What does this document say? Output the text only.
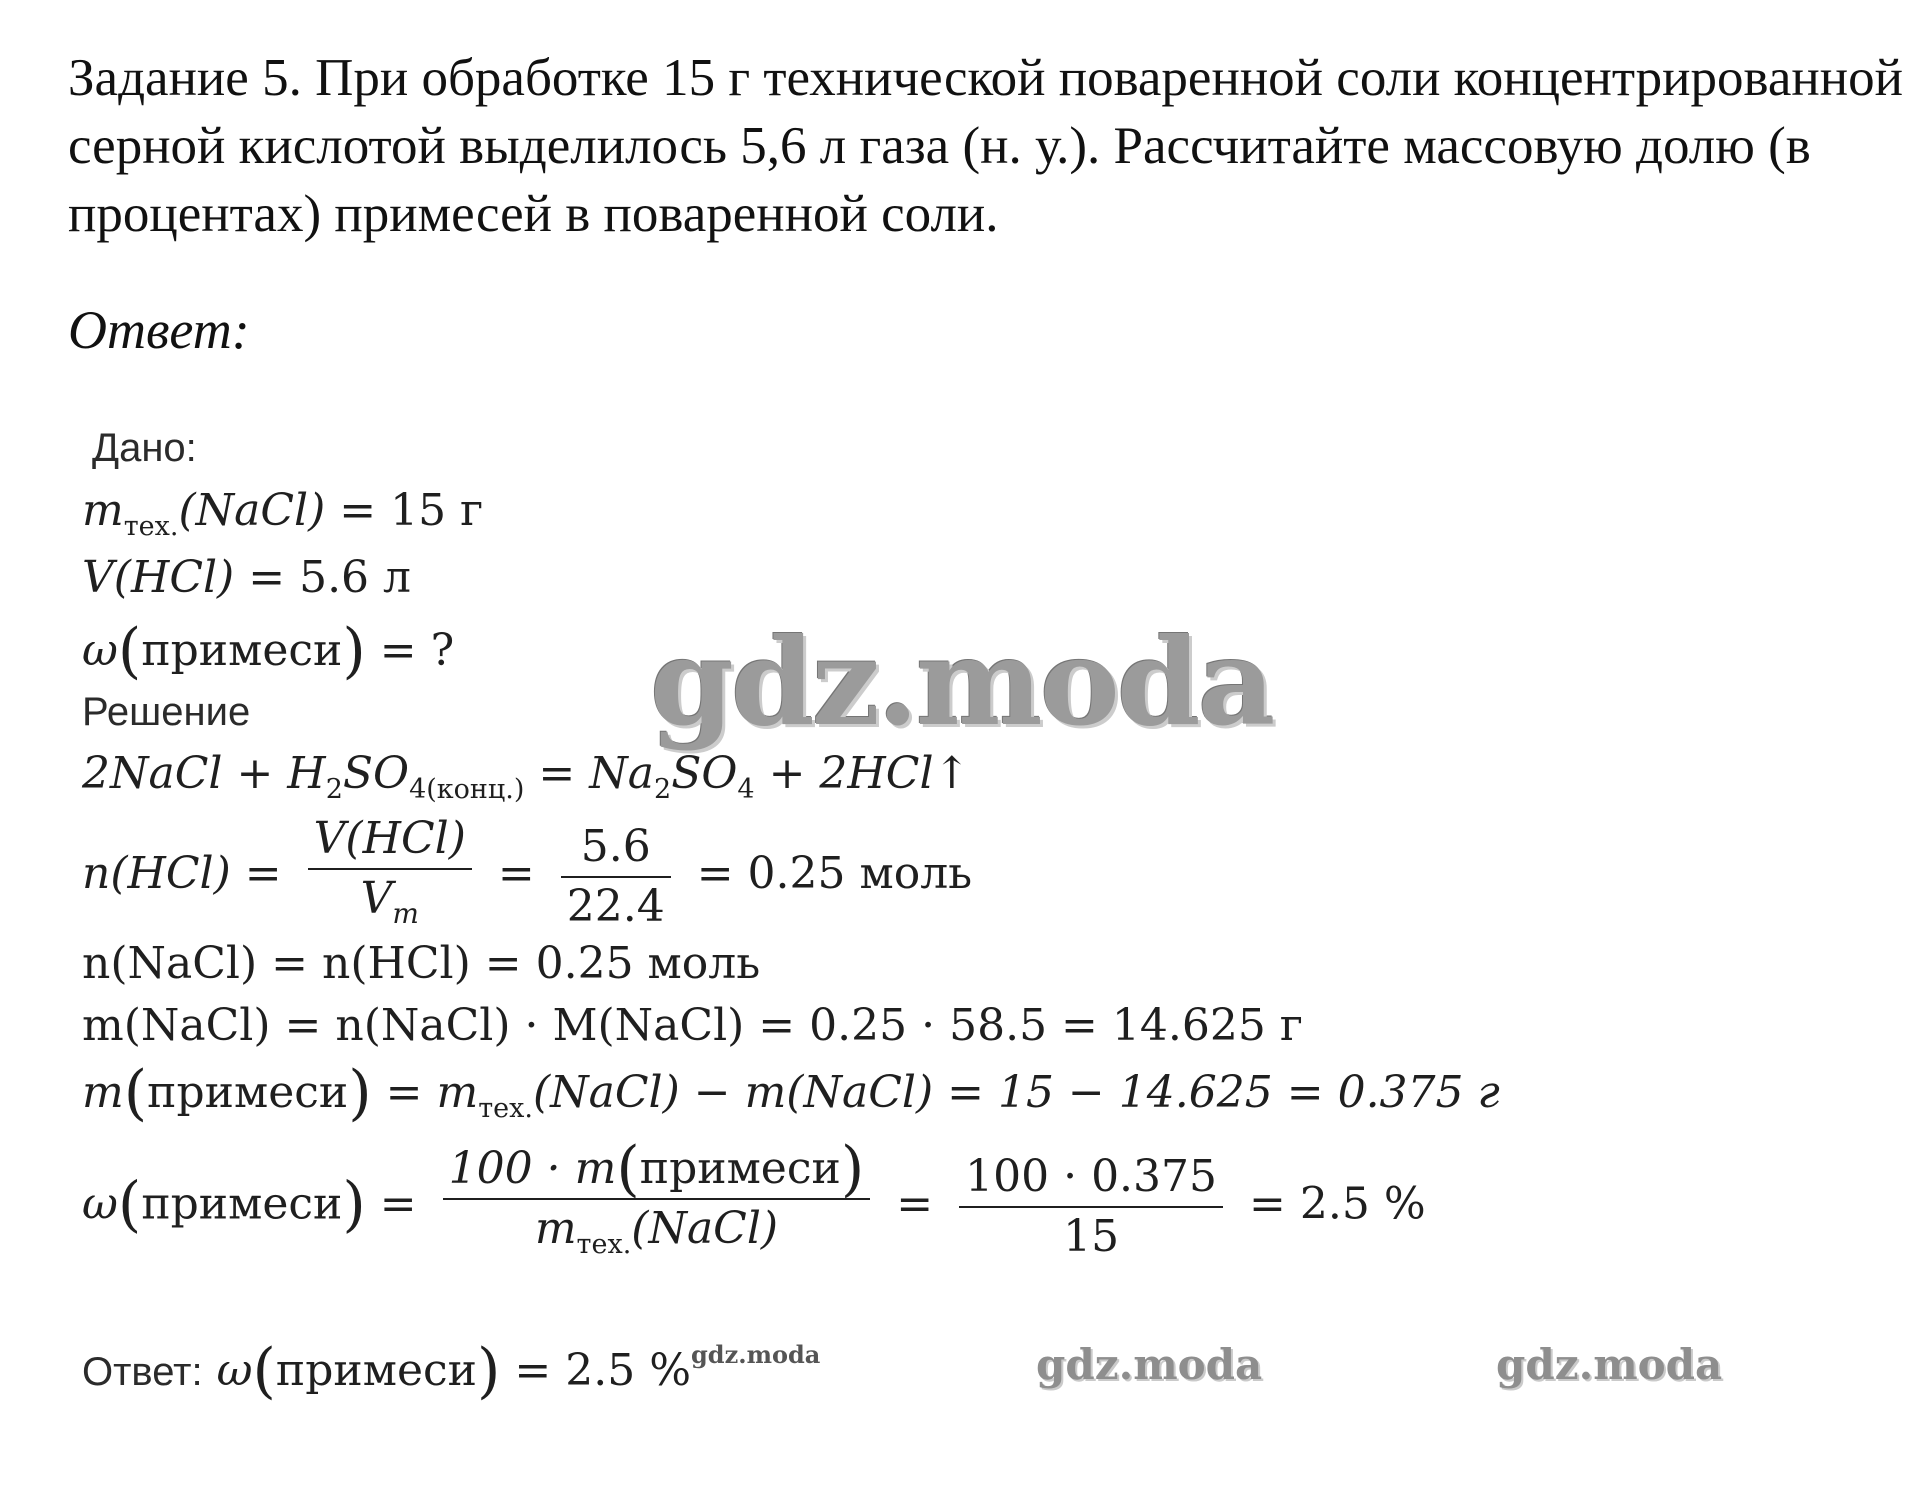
Задание 5. При обработке 15 г технической поваренной соли концентрированной серной кислотой выделилось 5,6 л газа (н. у.). Рассчитайте массовую долю (в процентах) примесей в поваренной соли.
Ответ:
Дано:
$m_{тех.}(NaCl) = 15$ г
V(HCl) = 5.6 л
ω(примеси) = ?
Решение
2NaCl + $H_2SO_{4(конц.)} = Na_2SO_4$ + 2HCl↑
$n(HCl) = \frac{\text{V(HCl)}}{V_m} = \frac{5.6}{22.4} = 0.25$ моль
n(NaCl) = n(HCl) = 0.25 моль
m(NaCl) = n(NaCl) · M(NaCl) = 0.25 · 58.5 = 14.625 г
m(примеси) = $m_{тех.}(NaCl)$ − m(NaCl) = 15 − 14.625 = 0.375 г
ω(примеси) = $\frac{\text{100 · m(примеси)}}{m_{тех.}(NaCl)} = \frac{100 \cdot 0.375}{15} = 2.5$ %
Ответ: ω(примеси) = 2.5 %$^{gdz.moda}$
gdz.moda
gdz.moda	gdz.moda
